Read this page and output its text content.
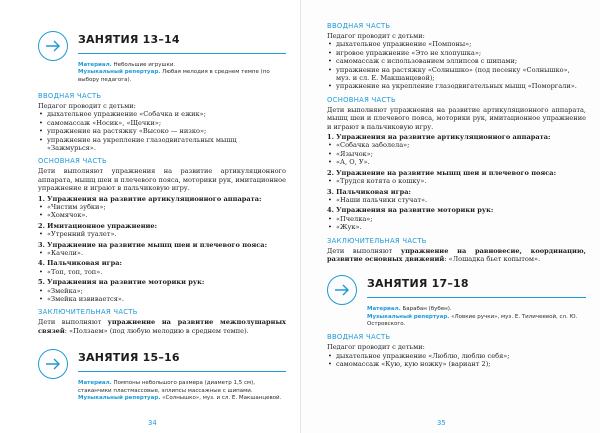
ЗАНЯТИЯ 13–14
Материал. Небольшие игрушки.
Музыкальный репертуар. Любая мелодия в среднем темпе (по выбору педагога).
ВВОДНАЯ ЧАСТЬ

Педагог проводит с детьми:

• дыхательное упражнение «Собачка и ежик»;
• самомассаж «Носик», «Щечки»;
• упражнение на растяжку «Высоко — низко»;
• упражнение на укрепление глазодвигательных мышц «Зажмурься».
ОСНОВНАЯ ЧАСТЬ

Дети выполняют упражнения на развитие артикуляционного аппарата, мышц шеи и плечевого пояса, моторики рук, имитационное упражнение и играют в пальчиковую игру.

1. Упражнения на развитие артикуляционного аппарата:
• «Чистим зубки»;
• «Хомячок».
2. Имитационное упражнение:
• «Утренний туалет».
3. Упражнение на развитие мышц шеи и плечевого пояса:
• «Качели».
4. Пальчиковая игра:
• «Топ, топ, топ».
5. Упражнения на развитие моторики рук:
• «Змейка»;
• «Змейка извивается».
ЗАКЛЮЧИТЕЛЬНАЯ ЧАСТЬ

Дети выполняют упражнение на развитие межполушарных связей: «Ползаем» (под любую мелодию в среднем темпе).

ЗАНЯТИЯ 15–16
Материал. Помпоны небольшого размера (диаметр 1,5 см), стаканчики пластмассовые, эллипсы массажные с шипами.
Музыкальный репертуар. «Солнышко», муз. и сл. Е. Макшанцевой.
34
ВВОДНАЯ ЧАСТЬ

Педагог проводит с детьми:

• дыхательное упражнение «Помпоны»;
• игровое упражнение «Это не хлопушка»;
• самомассаж с использованием эллипсов с шипами;
• упражнение на растяжку «Солнышко» (под песенку «Солнышко», муз. и сл. Е. Макшанцевой);
• упражнение на укрепление глазодвигательных мышц «Поморгали».
ОСНОВНАЯ ЧАСТЬ

Дети выполняют упражнения на развитие артикуляционного аппарата, мышц шеи и плечевого пояса, моторики рук, имитационное упражнение и играют в пальчиковую игру.

1. Упражнения на развитие артикуляционного аппарата:
• «Собачка заболела»;
• «Язычок»;
• «А, О, У».
2. Упражнение на развитие мышц шеи и плечевого пояса:
• «Трудся котята о кошку».
3. Пальчиковая игра:
• «Наши пальчики стучат».
4. Упражнения на развитие моторики рук:
• «Пчелка»;
• «Жук».
ЗАКЛЮЧИТЕЛЬНАЯ ЧАСТЬ

Дети выполняют упражнение на равновесие, координацию, развитие основных движений: «Лошадка бьет копытом».

ЗАНЯТИЯ 17–18
Материал. Барабан (бубен).
Музыкальный репертуар. «Ловкие ручки», муз. Е. Тиличеевой, сл. Ю. Островского.
ВВОДНАЯ ЧАСТЬ

Педагог проводит с детьми:

• дыхательное упражнение «Люблю, люблю себя»;
• самомассаж «Кую, кую ножку» (вариант 2);
35
